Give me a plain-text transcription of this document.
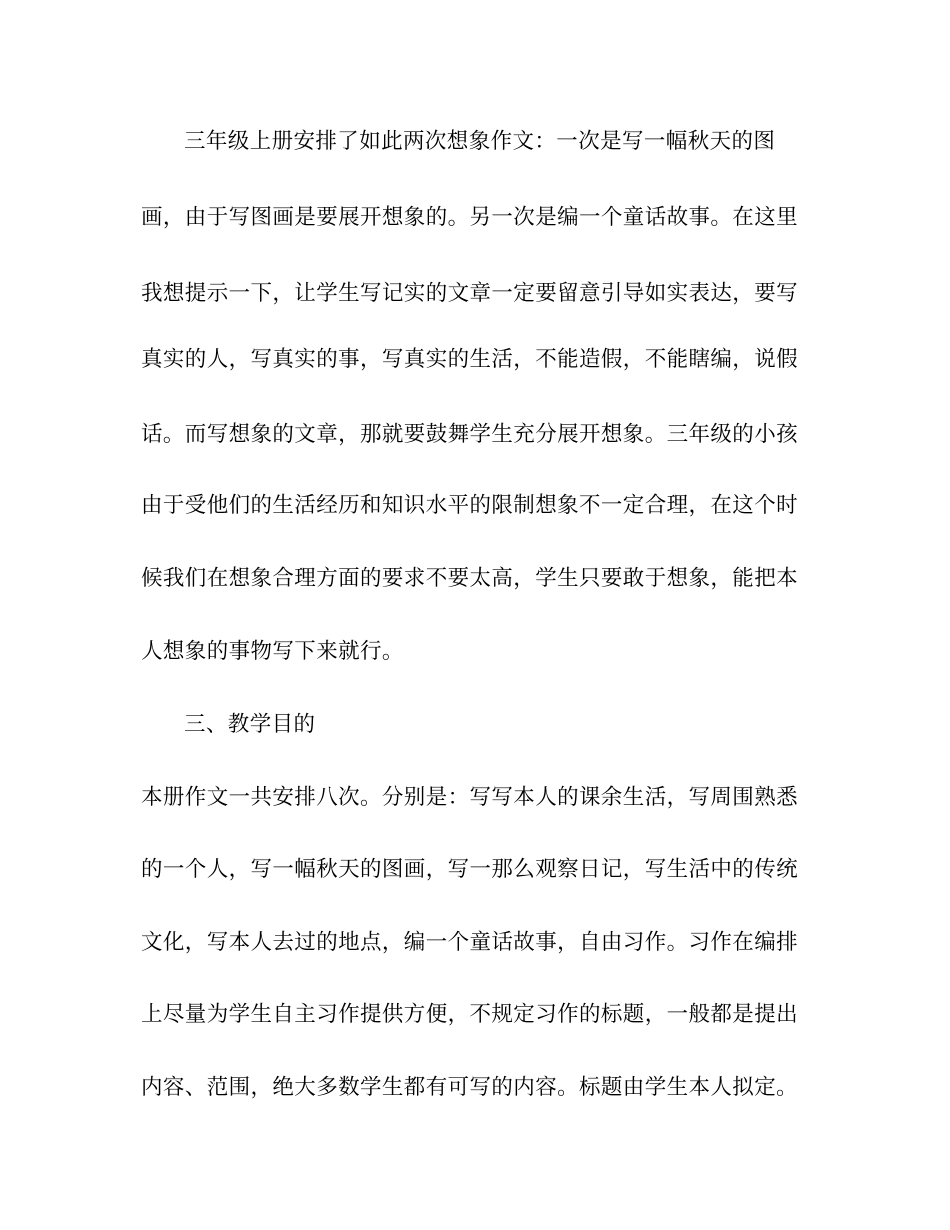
三年级上册安排了如此两次想象作文：一次是写一幅秋天的图
画，由于写图画是要展开想象的。另一次是编一个童话故事。在这里
我想提示一下，让学生写记实的文章一定要留意引导如实表达，要写
真实的人，写真实的事，写真实的生活，不能造假，不能瞎编，说假
话。而写想象的文章，那就要鼓舞学生充分展开想象。三年级的小孩
由于受他们的生活经历和知识水平的限制想象不一定合理，在这个时
候我们在想象合理方面的要求不要太高，学生只要敢于想象，能把本
人想象的事物写下来就行。
三、教学目的
本册作文一共安排八次。分别是：写写本人的课余生活，写周围熟悉
的一个人，写一幅秋天的图画，写一那么观察日记，写生活中的传统
文化，写本人去过的地点，编一个童话故事，自由习作。习作在编排
上尽量为学生自主习作提供方便，不规定习作的标题，一般都是提出
内容、范围，绝大多数学生都有可写的内容。标题由学生本人拟定。
